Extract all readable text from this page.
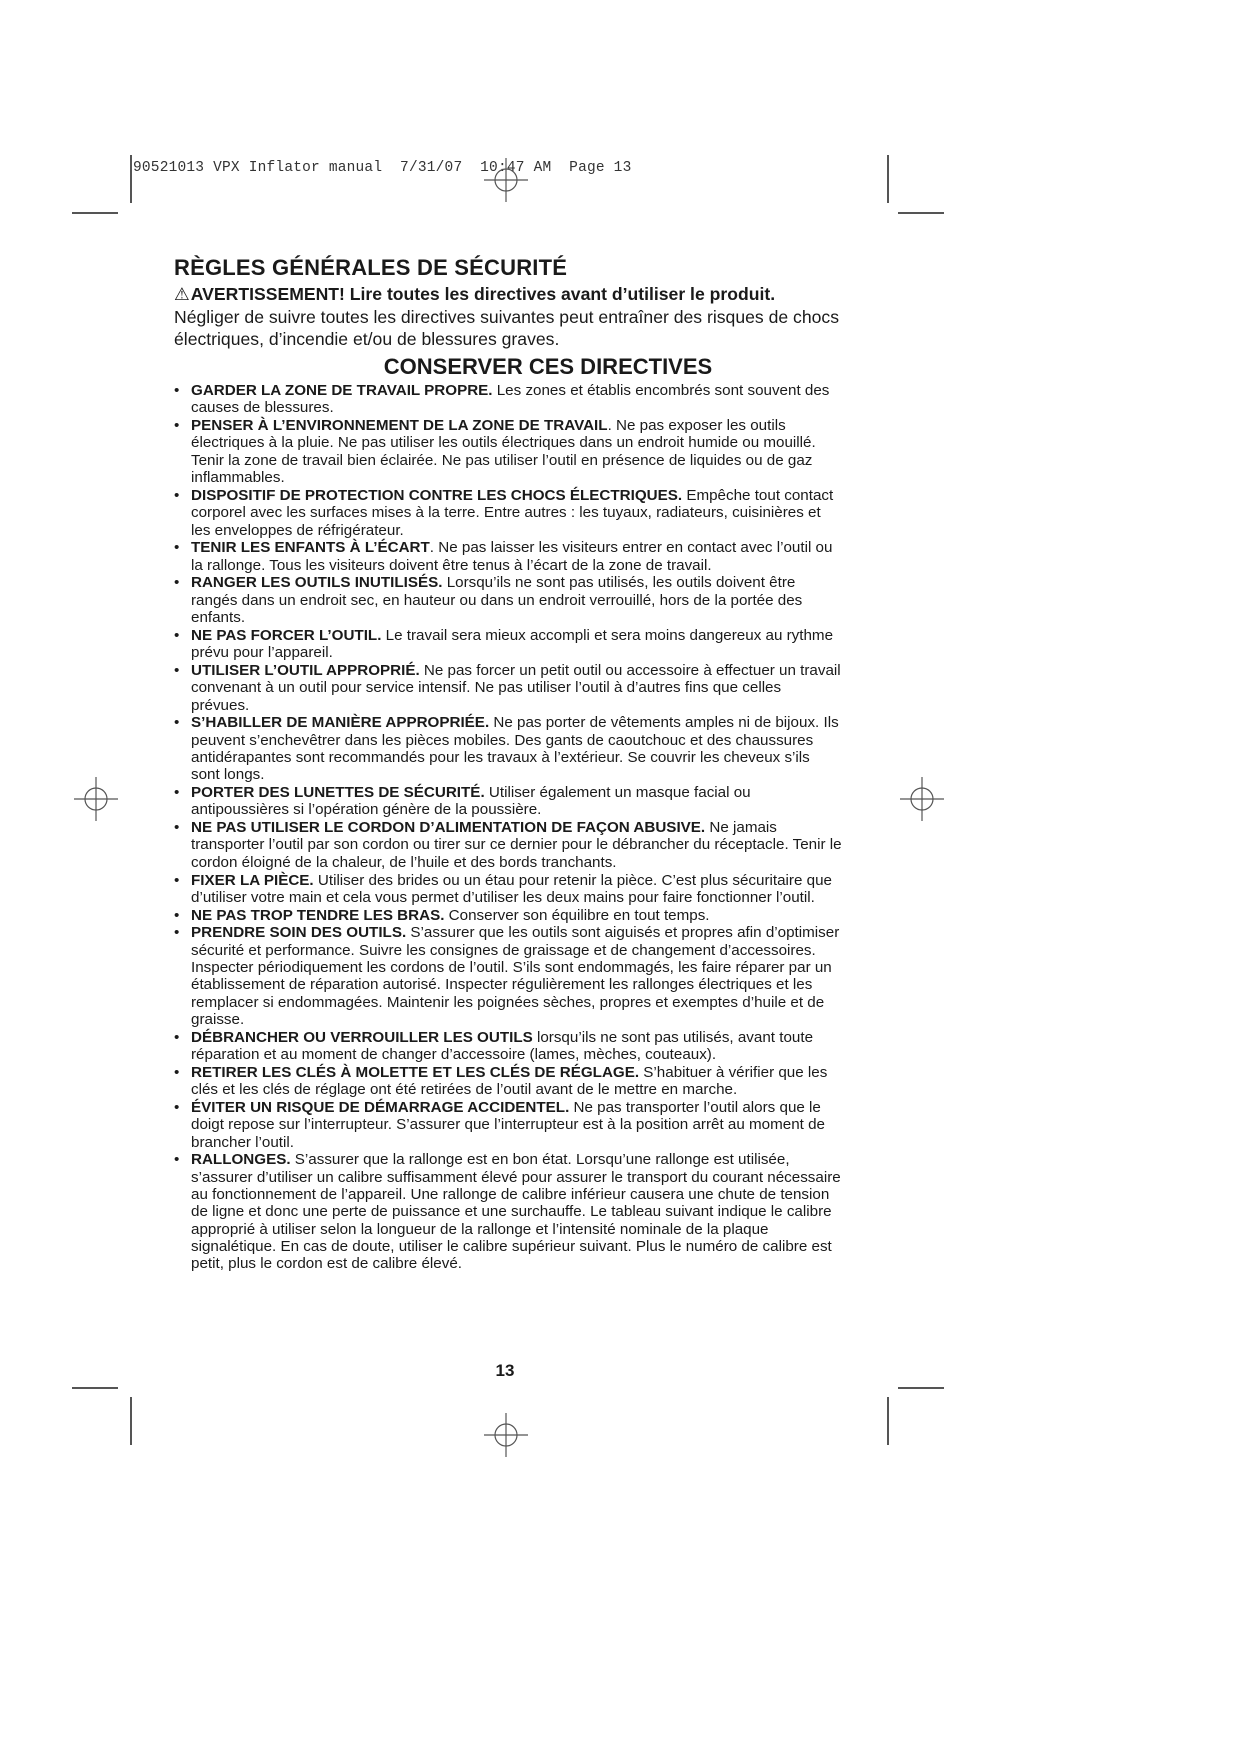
90521013 VPX Inflator manual  7/31/07  10:47 AM  Page 13
RÈGLES GÉNÉRALES DE SÉCURITÉ
⚠AVERTISSEMENT! Lire toutes les directives avant d’utiliser le produit.
Négliger de suivre toutes les directives suivantes peut entraîner des risques de chocs électriques, d’incendie et/ou de blessures graves.
CONSERVER CES DIRECTIVES
• GARDER LA ZONE DE TRAVAIL PROPRE. Les zones et établis encombrés sont souvent des causes de blessures.
• PENSER À L’ENVIRONNEMENT DE LA ZONE DE TRAVAIL. Ne pas exposer les outils électriques à la pluie. Ne pas utiliser les outils électriques dans un endroit humide ou mouillé. Tenir la zone de travail bien éclairée. Ne pas utiliser l’outil en présence de liquides ou de gaz inflammables.
• DISPOSITIF DE PROTECTION CONTRE LES CHOCS ÉLECTRIQUES. Empêche tout contact corporel avec les surfaces mises à la terre. Entre autres : les tuyaux, radiateurs, cuisinières et les enveloppes de réfrigérateur.
• TENIR LES ENFANTS À L’ÉCART. Ne pas laisser les visiteurs entrer en contact avec l’outil ou la rallonge. Tous les visiteurs doivent être tenus à l’écart de la zone de travail.
• RANGER LES OUTILS INUTILISÉS. Lorsqu’ils ne sont pas utilisés, les outils doivent être rangés dans un endroit sec, en hauteur ou dans un endroit verrouillé, hors de la portée des enfants.
• NE PAS FORCER L’OUTIL. Le travail sera mieux accompli et sera moins dangereux au rythme prévu pour l’appareil.
• UTILISER L’OUTIL APPROPRIÉ. Ne pas forcer un petit outil ou accessoire à effectuer un travail convenant à un outil pour service intensif. Ne pas utiliser l’outil à d’autres fins que celles prévues.
• S’HABILLER DE MANIÈRE APPROPRIÉE. Ne pas porter de vêtements amples ni de bijoux. Ils peuvent s’enchevêtrer dans les pièces mobiles. Des gants de caoutchouc et des chaussures antidérapantes sont recommandés pour les travaux à l’extérieur. Se couvrir les cheveux s’ils sont longs.
• PORTER DES LUNETTES DE SÉCURITÉ. Utiliser également un masque facial ou antipoussières si l’opération génère de la poussière.
• NE PAS UTILISER LE CORDON D’ALIMENTATION DE FAÇON ABUSIVE. Ne jamais transporter l’outil par son cordon ou tirer sur ce dernier pour le débrancher du réceptacle. Tenir le cordon éloigné de la chaleur, de l’huile et des bords tranchants.
• FIXER LA PIÈCE. Utiliser des brides ou un étau pour retenir la pièce. C’est plus sécuritaire que d’utiliser votre main et cela vous permet d’utiliser les deux mains pour faire fonctionner l’outil.
• NE PAS TROP TENDRE LES BRAS. Conserver son équilibre en tout temps.
• PRENDRE SOIN DES OUTILS. S’assurer que les outils sont aiguisés et propres afin d’optimiser sécurité et performance. Suivre les consignes de graissage et de changement d’accessoires. Inspecter périodiquement les cordons de l’outil. S’ils sont endommagés, les faire réparer par un établissement de réparation autorisé. Inspecter régulièrement les rallonges électriques et les remplacer si endommagées. Maintenir les poignées sèches, propres et exemptes d’huile et de graisse.
• DÉBRANCHER OU VERROUILLER LES OUTILS lorsqu’ils ne sont pas utilisés, avant toute réparation et au moment de changer d’accessoire (lames, mèches, couteaux).
• RETIRER LES CLÉS À MOLETTE ET LES CLÉS DE RÉGLAGE. S’habituer à vérifier que les clés et les clés de réglage ont été retirées de l’outil avant de le mettre en marche.
• ÉVITER UN RISQUE DE DÉMARRAGE ACCIDENTEL. Ne pas transporter l’outil alors que le doigt repose sur l’interrupteur. S’assurer que l’interrupteur est à la position arrêt au moment de brancher l’outil.
• RALLONGES. S’assurer que la rallonge est en bon état. Lorsqu’une rallonge est utilisée, s’assurer d’utiliser un calibre suffisamment élevé pour assurer le transport du courant nécessaire au fonctionnement de l’appareil. Une rallonge de calibre inférieur causera une chute de tension de ligne et donc une perte de puissance et une surchauffe. Le tableau suivant indique le calibre approprié à utiliser selon la longueur de la rallonge et l’intensité nominale de la plaque signalétique. En cas de doute, utiliser le calibre supérieur suivant. Plus le numéro de calibre est petit, plus le cordon est de calibre élevé.
13
